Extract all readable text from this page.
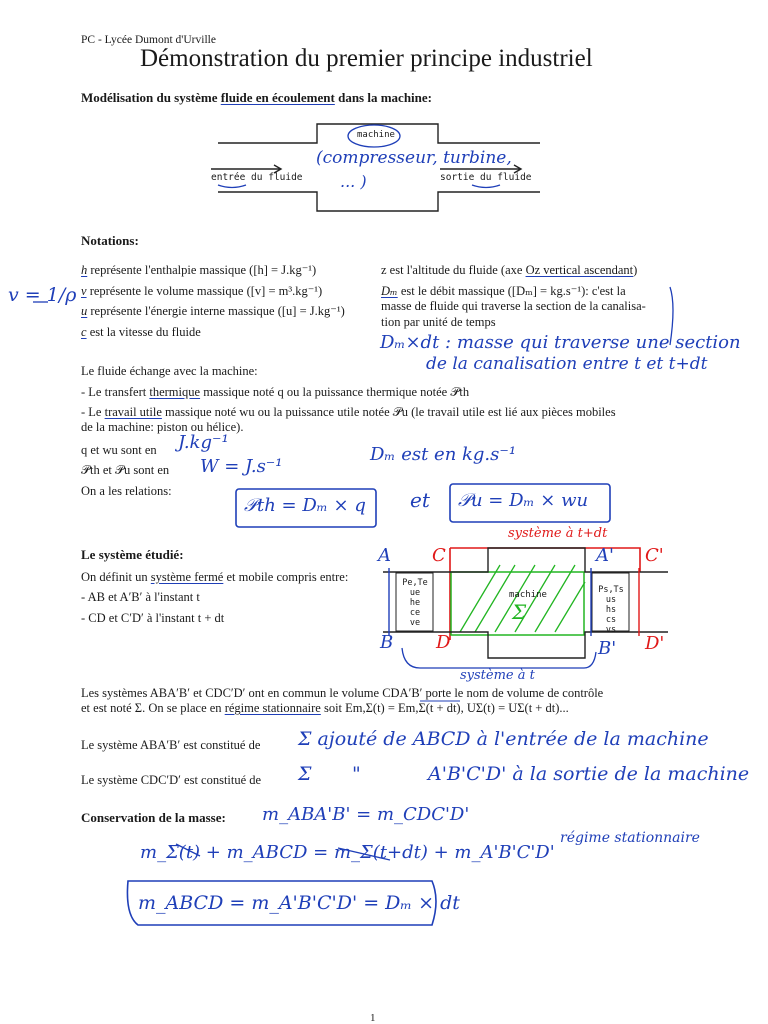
PC - Lycée Dumont d'Urville
Démonstration du premier principe industriel
Modélisation du système fluide en écoulement dans la machine:
machine
entrée du fluide	sortie du fluide
(compresseur, turbine,
... )
Notations:
h représente l'enthalpie massique ([h] = J.kg⁻¹)
v représente le volume massique ([v] = m³.kg⁻¹)
u représente l'énergie interne massique ([u] = J.kg⁻¹)
c est la vitesse du fluide
z est l'altitude du fluide (axe Oz vertical ascendant)
Dₘ est le débit massique ([Dₘ] = kg.s⁻¹): c'est la
masse de fluide qui traverse la section de la canalisa-
tion par unité de temps
v = 1/ρ
Dₘ×dt : masse qui traverse une section
de la canalisation entre t et t+dt
Le fluide échange avec la machine:
- Le transfert thermique massique noté q ou la puissance thermique notée 𝒫th
- Le travail utile massique noté wu ou la puissance utile notée 𝒫u (le travail utile est lié aux pièces mobiles
de la machine: piston ou hélice).
q et wu sont en
𝒫th et 𝒫u sont en
On a les relations:
J.kg⁻¹
W = J.s⁻¹
Dₘ est en kg.s⁻¹
𝒫th = Dₘ × q et 𝒫u = Dₘ × wu
Le système étudié:
On définit un système fermé et mobile compris entre:
- AB et A′B′ à l'instant t
- CD et C′D′ à l'instant t + dt
Pe,Te
ue
he
ce
ve
Ps,Ts
us
hs
cs
vs
machine
Σ
système à t+dt
système à t
A C	A' C'
B D	B' D'
Les systèmes ABA′B′ et CDC′D′ ont en commun le volume CDA′B′ porte le nom de volume de contrôle
et est noté Σ. On se place en régime stationnaire soit Em,Σ(t) = Em,Σ(t + dt), UΣ(t) = UΣ(t + dt)...
Le système ABA′B′ est constitué de
Le système CDC′D′ est constitué de
Σ ajouté de ABCD à l'entrée de la machine
Σ "	A'B'C'D' à la sortie de la machine
Conservation de la masse: m_ABA'B' = m_CDC'D'
m_Σ(t) + m_ABCD = m_Σ(t+dt) + m_A'B'C'D'
régime stationnaire
m_ABCD = m_A'B'C'D' = Dₘ × dt
1
